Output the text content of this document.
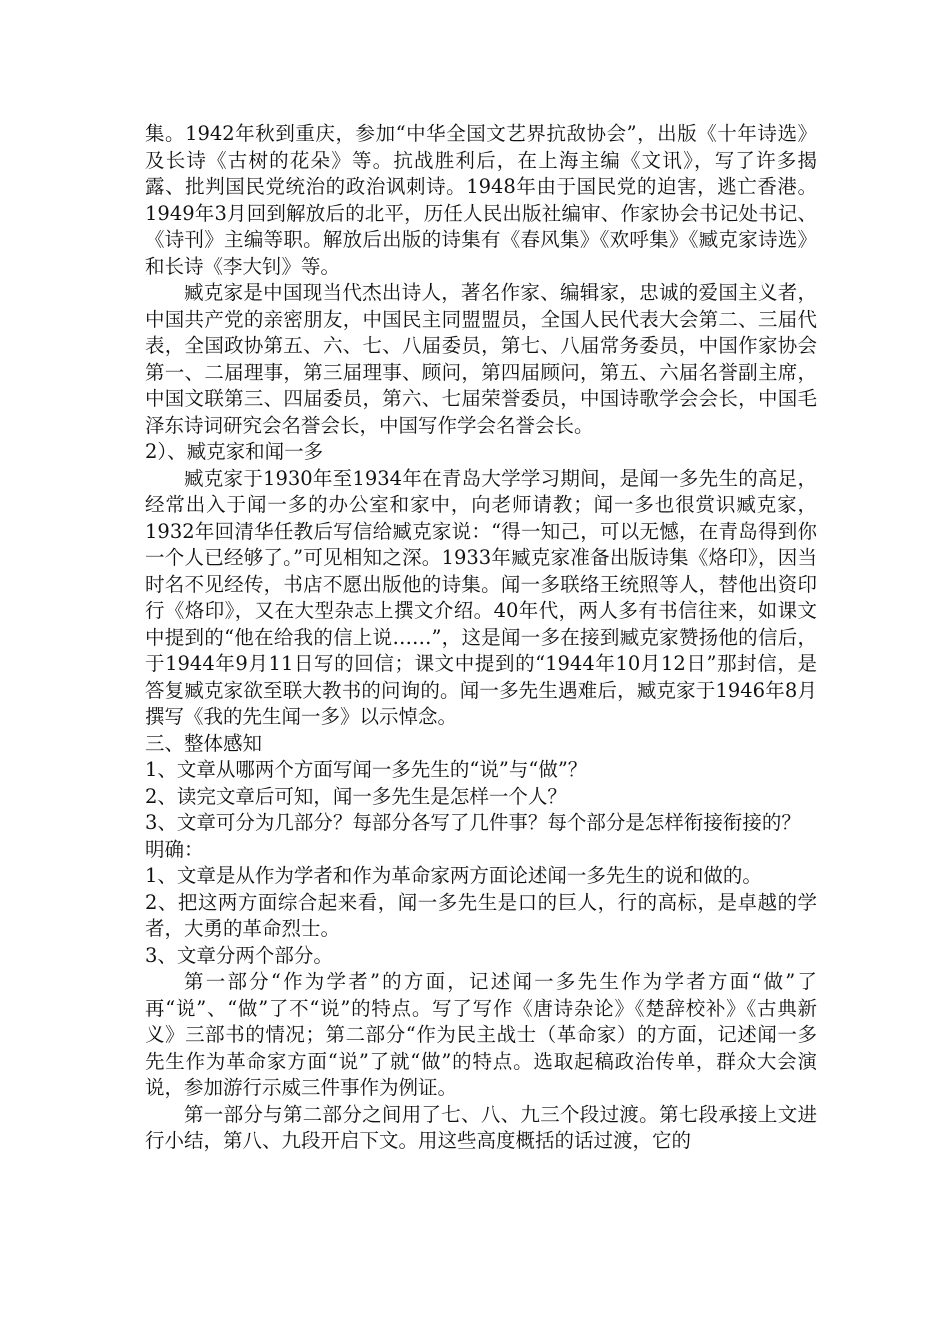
集。1942年秋到重庆，参加“中华全国文艺界抗敌协会”，出版《十年诗选》及长诗《古树的花朵》等。抗战胜利后，在上海主编《文讯》，写了许多揭露、批判国民党统治的政治讽刺诗。1948年由于国民党的迫害，逃亡香港。1949年3月回到解放后的北平，历任人民出版社编审、作家协会书记处书记、《诗刊》主编等职。解放后出版的诗集有《春风集》《欢呼集》《臧克家诗选》和长诗《李大钊》等。

臧克家是中国现当代杰出诗人，著名作家、编辑家，忠诚的爱国主义者，中国共产党的亲密朋友，中国民主同盟盟员，全国人民代表大会第二、三届代表，全国政协第五、六、七、八届委员，第七、八届常务委员，中国作家协会第一、二届理事，第三届理事、顾问，第四届顾问，第五、六届名誉副主席，中国文联第三、四届委员，第六、七届荣誉委员，中国诗歌学会会长，中国毛泽东诗词研究会名誉会长，中国写作学会名誉会长。

2）、臧克家和闻一多

臧克家于1930年至1934年在青岛大学学习期间，是闻一多先生的高足，经常出入于闻一多的办公室和家中，向老师请教；闻一多也很赏识臧克家，1932年回清华任教后写信给臧克家说：“得一知己，可以无憾，在青岛得到你一个人已经够了。”可见相知之深。1933年臧克家准备出版诗集《烙印》，因当时名不见经传，书店不愿出版他的诗集。闻一多联络王统照等人，替他出资印行《烙印》，又在大型杂志上撰文介绍。40年代，两人多有书信往来，如课文中提到的“他在给我的信上说……”，这是闻一多在接到臧克家赞扬他的信后，于1944年9月11日写的回信；课文中提到的“1944年10月12日”那封信，是答复臧克家欲至联大教书的问询的。闻一多先生遇难后，臧克家于1946年8月撰写《我的先生闻一多》以示悼念。

三、整体感知

1、文章从哪两个方面写闻一多先生的“说”与“做”？

2、读完文章后可知，闻一多先生是怎样一个人？

3、文章可分为几部分？每部分各写了几件事？每个部分是怎样衔接衔接的？

明确：

1、文章是从作为学者和作为革命家两方面论述闻一多先生的说和做的。

2、把这两方面综合起来看，闻一多先生是口的巨人，行的高标，是卓越的学者，大勇的革命烈士。

3、文章分两个部分。

第一部分“作为学者”的方面，记述闻一多先生作为学者方面“做”了再“说”、“做”了不“说”的特点。写了写作《唐诗杂论》《楚辞校补》《古典新义》三部书的情况；第二部分“作为民主战士（革命家）的方面，记述闻一多先生作为革命家方面“说”了就“做”的特点。选取起稿政治传单，群众大会演说，参加游行示威三件事作为例证。

第一部分与第二部分之间用了七、八、九三个段过渡。第七段承接上文进行小结，第八、九段开启下文。用这些高度概括的话过渡，它的
